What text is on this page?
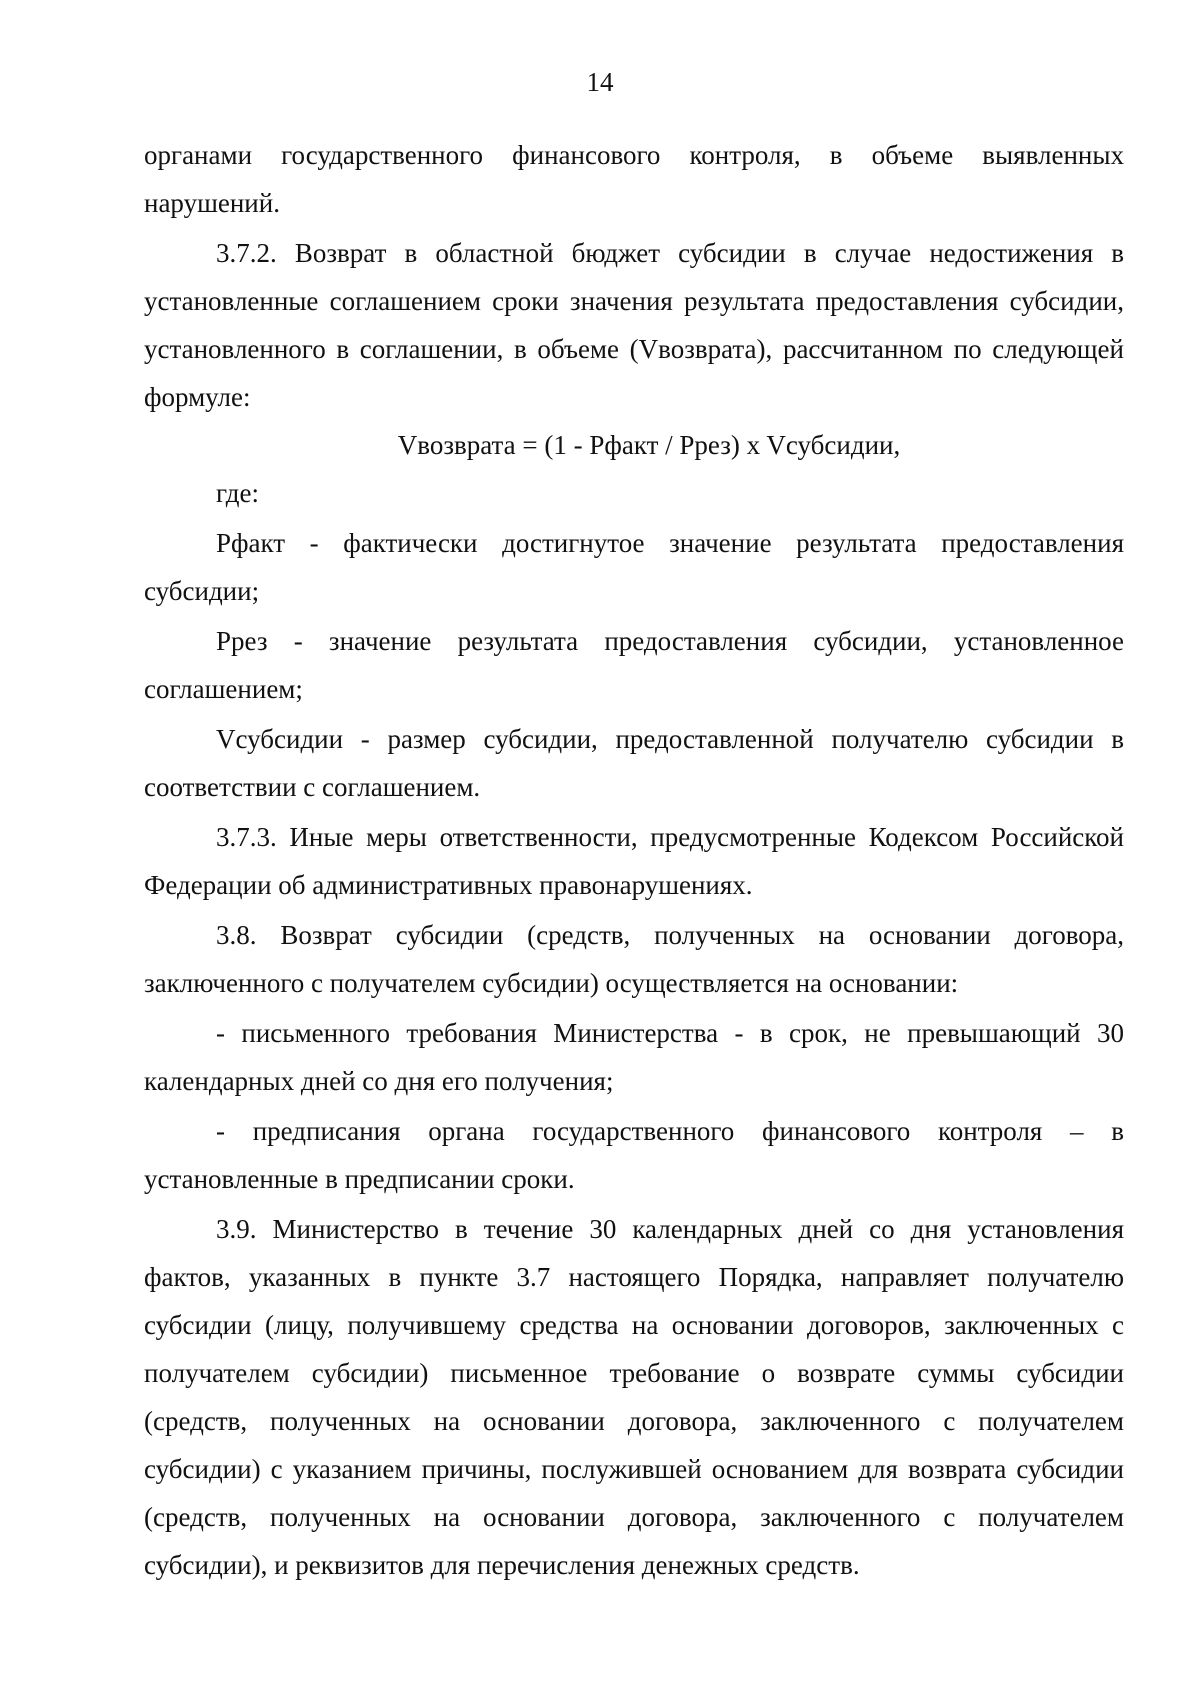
14

органами государственного финансового контроля, в объеме выявленных нарушений.

3.7.2. Возврат в областной бюджет субсидии в случае недостижения в установленные соглашением сроки значения результата предоставления субсидии, установленного в соглашении, в объеме (Vвозврата), рассчитанном по следующей формуле:

Vвозврата = (1 - Pфакт / Pрез) x Vсубсидии,

где:

Pфакт - фактически достигнутое значение результата предоставления субсидии;

Pрез - значение результата предоставления субсидии, установленное соглашением;

Vсубсидии - размер субсидии, предоставленной получателю субсидии в соответствии с соглашением.

3.7.3. Иные меры ответственности, предусмотренные Кодексом Российской Федерации об административных правонарушениях.

3.8. Возврат субсидии (средств, полученных на основании договора, заключенного с получателем субсидии) осуществляется на основании:

- письменного требования Министерства - в срок, не превышающий 30 календарных дней со дня его получения;

- предписания органа государственного финансового контроля – в установленные в предписании сроки.

3.9. Министерство в течение 30 календарных дней со дня установления фактов, указанных в пункте 3.7 настоящего Порядка, направляет получателю субсидии (лицу, получившему средства на основании договоров, заключенных с получателем субсидии) письменное требование о возврате суммы субсидии (средств, полученных на основании договора, заключенного с получателем субсидии) с указанием причины, послужившей основанием для возврата субсидии (средств, полученных на основании договора, заключенного с получателем субсидии), и реквизитов для перечисления денежных средств.
